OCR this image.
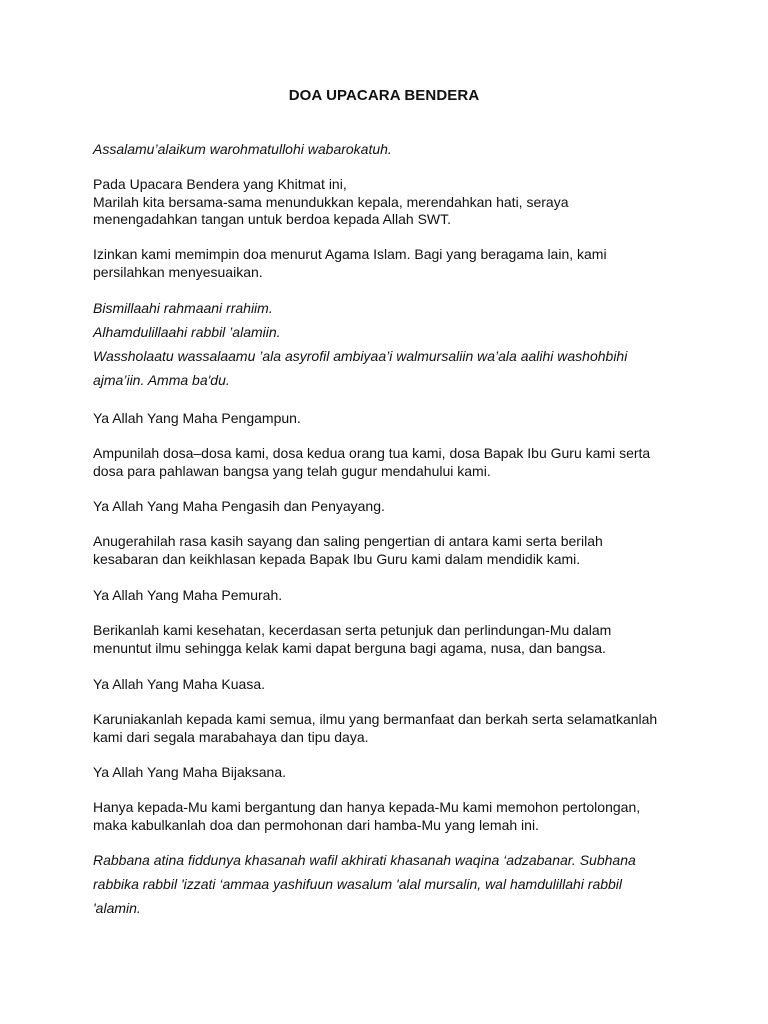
DOA UPACARA BENDERA

Assalamu’alaikum warohmatullohi wabarokatuh.

Pada Upacara Bendera yang Khitmat ini,
Marilah kita bersama-sama menundukkan kepala, merendahkan hati, seraya
menengadahkan tangan untuk berdoa kepada Allah SWT.

Izinkan kami memimpin doa menurut Agama Islam. Bagi yang beragama lain, kami
persilahkan menyesuaikan.

Bismillaahi rahmaani rrahiim.
Alhamdulillaahi rabbil ’alamiin.
Wassholaatu wassalaamu ’ala asyrofil ambiyaa’i walmursaliin wa’ala aalihi washohbihi
ajma’iin. Amma ba'du.

Ya Allah Yang Maha Pengampun.

Ampunilah dosa–dosa kami, dosa kedua orang tua kami, dosa Bapak Ibu Guru kami serta
dosa para pahlawan bangsa yang telah gugur mendahului kami.

Ya Allah Yang Maha Pengasih dan Penyayang.

Anugerahilah rasa kasih sayang dan saling pengertian di antara kami serta berilah
kesabaran dan keikhlasan kepada Bapak Ibu Guru kami dalam mendidik kami.

Ya Allah Yang Maha Pemurah.

Berikanlah kami kesehatan, kecerdasan serta petunjuk dan perlindungan-Mu dalam
menuntut ilmu sehingga kelak kami dapat berguna bagi agama, nusa, dan bangsa.

Ya Allah Yang Maha Kuasa.

Karuniakanlah kepada kami semua, ilmu yang bermanfaat dan berkah serta selamatkanlah
kami dari segala marabahaya dan tipu daya.

Ya Allah Yang Maha Bijaksana.

Hanya kepada-Mu kami bergantung dan hanya kepada-Mu kami memohon pertolongan,
maka kabulkanlah doa dan permohonan dari hamba-Mu yang lemah ini.

Rabbana atina fiddunya khasanah wafil akhirati khasanah waqina ‘adzabanar. Subhana
rabbika rabbil 'izzati ‘ammaa yashifuun wasalum 'alal mursalin, wal hamdulillahi rabbil
'alamin.
